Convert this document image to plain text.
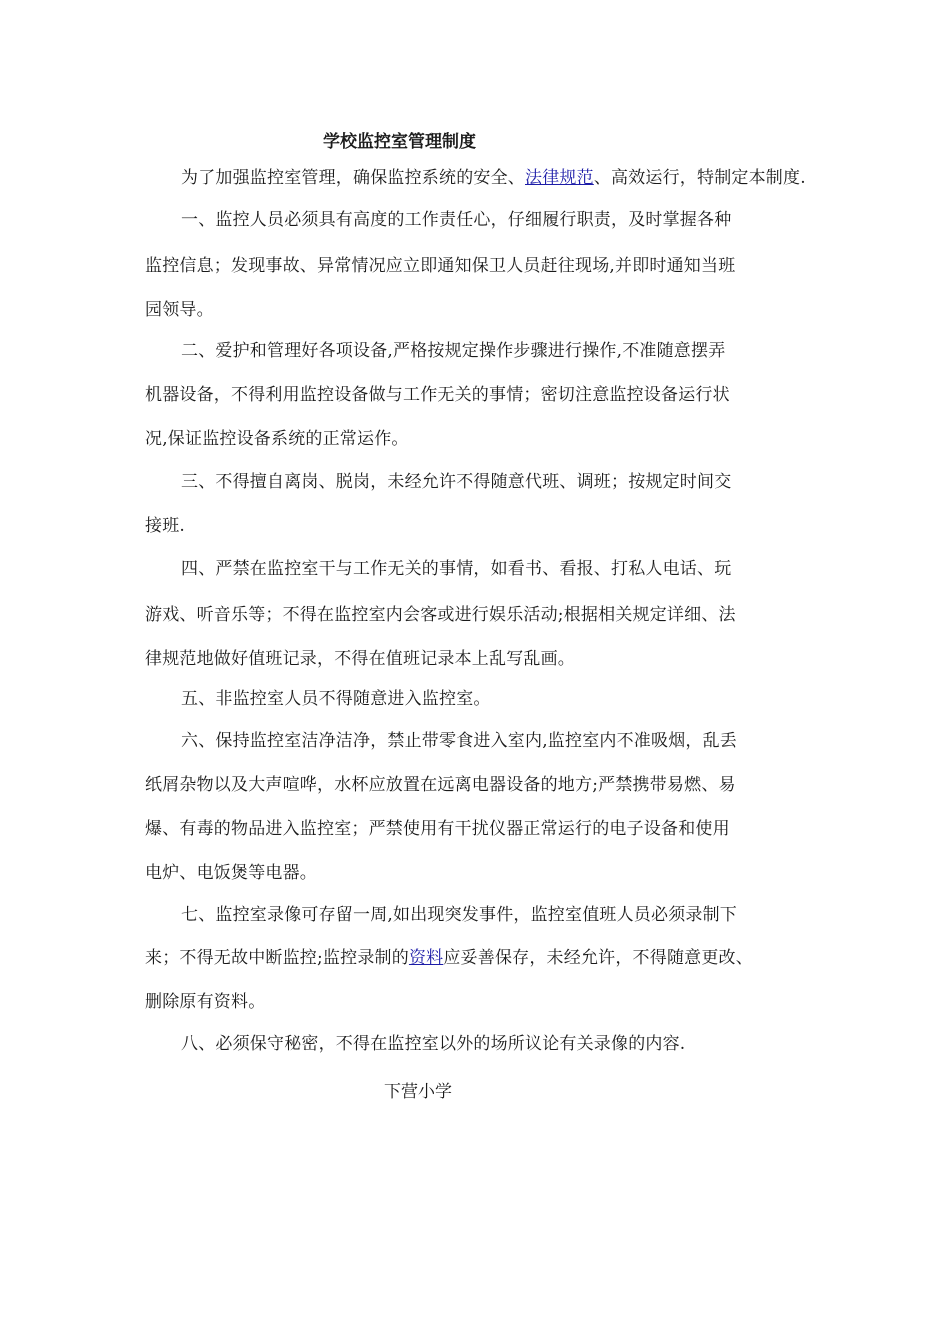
学校监控室管理制度
为了加强监控室管理，确保监控系统的安全、法律规范、高效运行，特制定本制度.
一、监控人员必须具有高度的工作责任心，仔细履行职责，及时掌握各种
监控信息；发现事故、异常情况应立即通知保卫人员赶往现场,并即时通知当班
园领导。
二、爱护和管理好各项设备,严格按规定操作步骤进行操作,不准随意摆弄
机器设备，不得利用监控设备做与工作无关的事情；密切注意监控设备运行状
况,保证监控设备系统的正常运作。
三、不得擅自离岗、脱岗，未经允许不得随意代班、调班；按规定时间交
接班.
四、严禁在监控室干与工作无关的事情，如看书、看报、打私人电话、玩
游戏、听音乐等；不得在监控室内会客或进行娱乐活动;根据相关规定详细、法
律规范地做好值班记录，不得在值班记录本上乱写乱画。
五、非监控室人员不得随意进入监控室。
六、保持监控室洁净洁净，禁止带零食进入室内,监控室内不准吸烟，乱丢
纸屑杂物以及大声喧哗，水杯应放置在远离电器设备的地方;严禁携带易燃、易
爆、有毒的物品进入监控室；严禁使用有干扰仪器正常运行的电子设备和使用
电炉、电饭煲等电器。
七、监控室录像可存留一周,如出现突发事件，监控室值班人员必须录制下
来；不得无故中断监控;监控录制的资料应妥善保存，未经允许，不得随意更改、
删除原有资料。
八、必须保守秘密，不得在监控室以外的场所议论有关录像的内容.
下营小学
